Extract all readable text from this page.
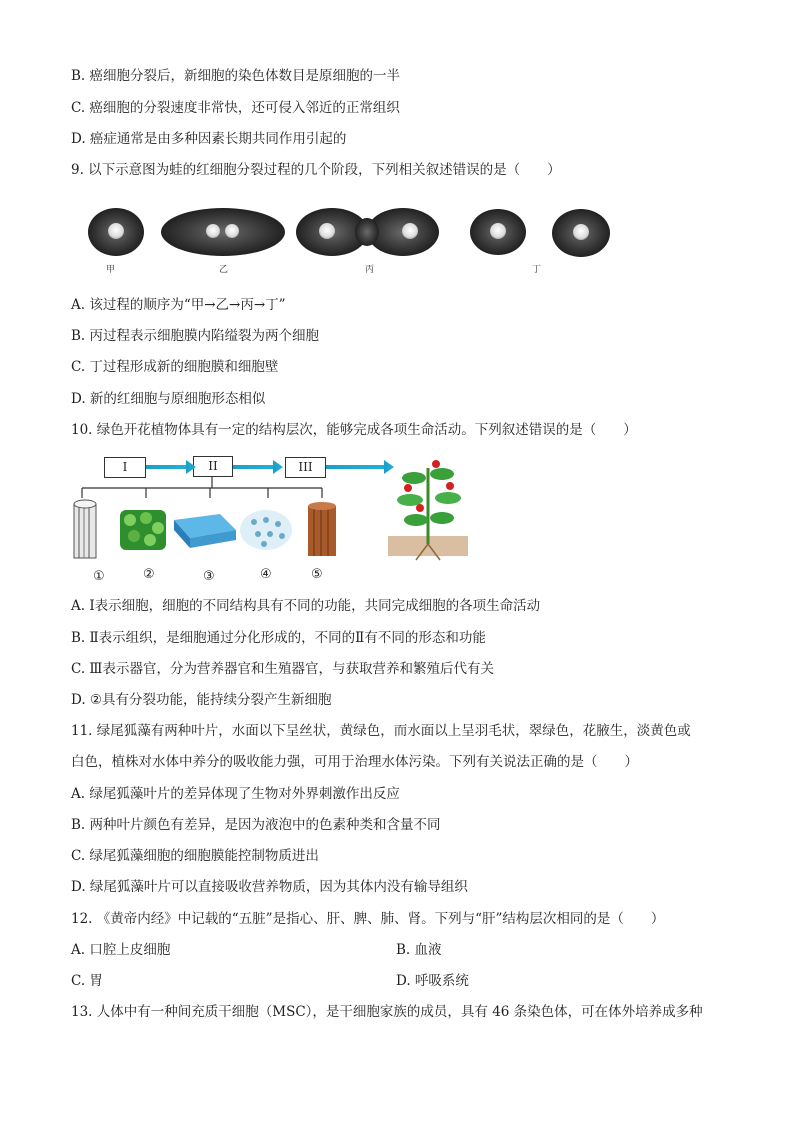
B. 癌细胞分裂后，新细胞的染色体数目是原细胞的一半
C. 癌细胞的分裂速度非常快，还可侵入邻近的正常组织
D. 癌症通常是由多种因素长期共同作用引起的
9. 以下示意图为蛙的红细胞分裂过程的几个阶段，下列相关叙述错误的是（　　）
甲	乙	丙	丁
A. 该过程的顺序为“甲→乙→丙→丁”
B. 丙过程表示细胞膜内陷缢裂为两个细胞
C. 丁过程形成新的细胞膜和细胞壁
D. 新的红细胞与原细胞形态相似
10. 绿色开花植物体具有一定的结构层次，能够完成各项生命活动。下列叙述错误的是（　　）
I	II	III
①	②	③	④	⑤
A. Ⅰ表示细胞，细胞的不同结构具有不同的功能，共同完成细胞的各项生命活动
B. Ⅱ表示组织，是细胞通过分化形成的，不同的Ⅱ有不同的形态和功能
C. Ⅲ表示器官，分为营养器官和生殖器官，与获取营养和繁殖后代有关
D. ②具有分裂功能，能持续分裂产生新细胞
11. 绿尾狐藻有两种叶片，水面以下呈丝状，黄绿色，而水面以上呈羽毛状，翠绿色，花腋生，淡黄色或
白色，植株对水体中养分的吸收能力强，可用于治理水体污染。下列有关说法正确的是（　　）
A. 绿尾狐藻叶片的差异体现了生物对外界刺激作出反应
B. 两种叶片颜色有差异，是因为液泡中的色素种类和含量不同
C. 绿尾狐藻细胞的细胞膜能控制物质进出
D. 绿尾狐藻叶片可以直接吸收营养物质，因为其体内没有输导组织
12. 《黄帝内经》中记载的“五脏”是指心、肝、脾、肺、肾。下列与“肝”结构层次相同的是（　　）
A. 口腔上皮细胞	B. 血液
C. 胃	D. 呼吸系统
13. 人体中有一种间充质干细胞（MSC），是干细胞家族的成员，具有 46 条染色体，可在体外培养成多种
